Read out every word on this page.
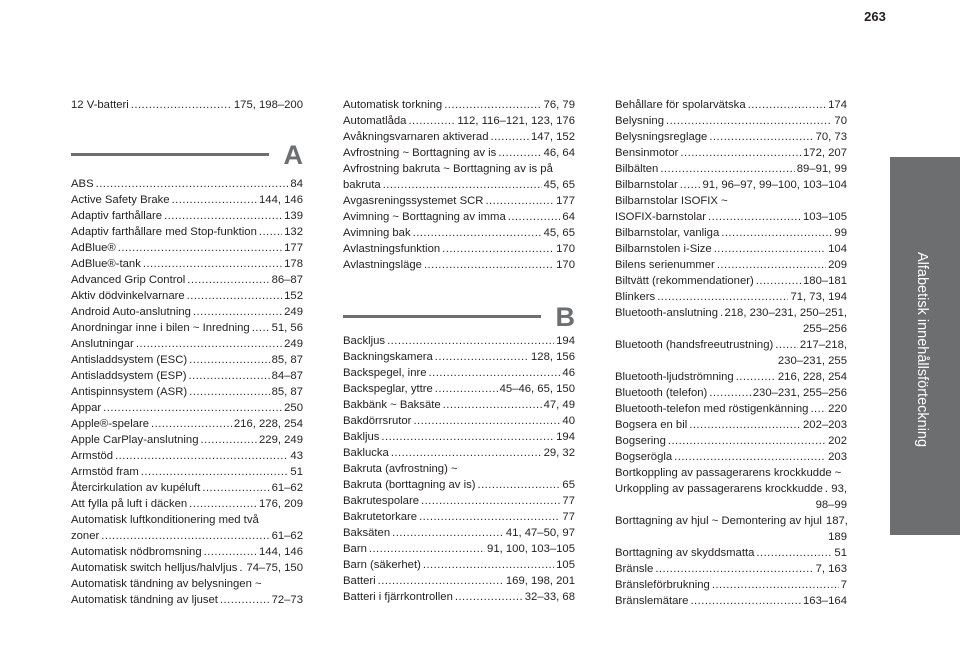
263
Alfabetisk innehållsförteckning
12 V-batteri .....	175, 198–200
A
ABS .....	84
Active Safety Brake .....	144, 146
Adaptiv farthållare .....	139
Adaptiv farthållare med Stop-funktion ..... 132
AdBlue® .....	177
AdBlue®-tank .....	178
Advanced Grip Control .....	86–87
Aktiv dödvinkelvarnare .....	152
Android Auto-anslutning .....	249
Anordningar inne i bilen ~ Inredning ..... 51, 56
Anslutningar .....	249
Antisladdsystem (ESC) .....	85, 87
Antisladdsystem (ESP) .....	84–87
Antispinnsystem (ASR) .....	85, 87
Appar .....	250
Apple®-spelare .....	216, 228, 254
Apple CarPlay-anslutning .....	229, 249
Armstöd .....	43
Armstöd fram .....	51
Återcirkulation av kupéluft .....	61–62
Att fylla på luft i däcken .....	176, 209
Automatisk luftkonditionering med två
zoner .....	61–62
Automatisk nödbromsning .....	144, 146
Automatisk switch helljus/halvljus ..... 74–75, 150
Automatisk tändning av belysningen ~
Automatisk tändning av ljuset .....	72–73
Automatisk torkning .....	76, 79
Automatlåda .....	112, 116–121, 123, 176
Avåkningsvarnaren aktiverad .....	147, 152
Avfrostning ~ Borttagning av is .....	46, 64
Avfrostning bakruta ~ Borttagning av is på
bakruta .....	45, 65
Avgasreningssystemet SCR .....	177
Avimning ~ Borttagning av imma .....	64
Avimning bak .....	45, 65
Avlastningsfunktion .....	170
Avlastningsläge .....	170
B
Backljus .....	194
Backningskamera .....	128, 156
Backspegel, inre .....	46
Backspeglar, yttre .....	45–46, 65, 150
Bakbänk ~ Baksäte .....	47, 49
Bakdörrsrutor .....	40
Bakljus .....	194
Baklucka .....	29, 32
Bakruta (avfrostning) ~
Bakruta (borttagning av is) .....	65
Bakrutespolare .....	77
Bakrutetorkare .....	77
Baksäten .....	41, 47–50, 97
Barn .....	91, 100, 103–105
Barn (säkerhet) .....	105
Batteri .....	169, 198, 201
Batteri i fjärrkontrollen .....	32–33, 68
Behållare för spolarvätska .....	174
Belysning .....	70
Belysningsreglage .....	70, 73
Bensinmotor .....	172, 207
Bilbälten .....	89–91, 99
Bilbarnstolar ..... 91, 96–97, 99–100, 103–104
Bilbarnstolar ISOFIX ~
ISOFIX-barnstolar .....	103–105
Bilbarnstolar, vanliga .....	99
Bilbarnstolen i-Size .....	104
Bilens serienummer .....	209
Biltvätt (rekommendationer) .....	180–181
Blinkers .....	71, 73, 194
Bluetooth-anslutning ..... 218, 230–231, 250–251,
255–256
Bluetooth (handsfreeutrustning) ..... 217–218,
230–231, 255
Bluetooth-ljudströmning .....	216, 228, 254
Bluetooth (telefon) .....	230–231, 255–256
Bluetooth-telefon med röstigenkänning ..... 220
Bogsera en bil .....	202–203
Bogsering .....	202
Bogserögla .....	203
Bortkoppling av passagerarens krockkudde ~
Urkoppling av passagerarens krockkudde ..... 93,
98–99
Borttagning av hjul ~ Demontering av hjul 187,
189
Borttagning av skyddsmatta .....	51
Bränsle .....	7, 163
Bränsleförbrukning .....	7
Bränslemätare .....	163–164
